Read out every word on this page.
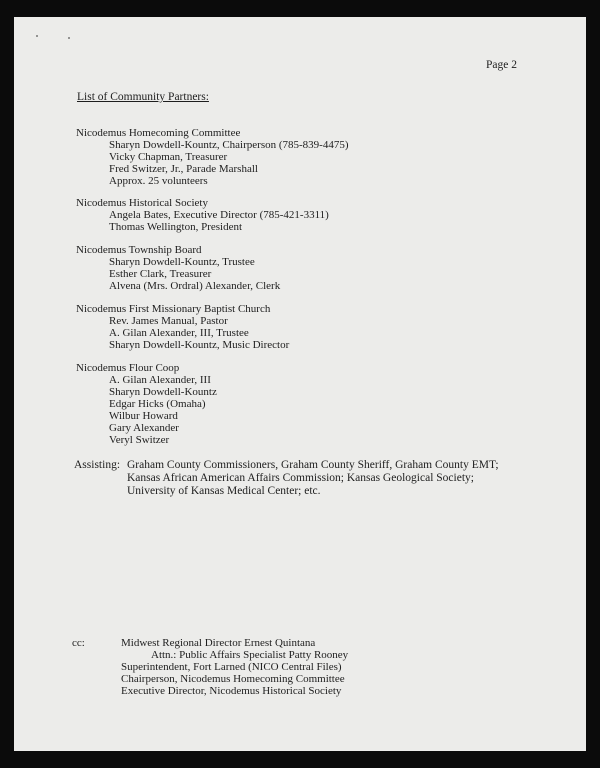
Page 2
List of Community Partners:
Nicodemus Homecoming Committee
Sharyn Dowdell-Kountz, Chairperson (785-839-4475)
Vicky Chapman, Treasurer
Fred Switzer, Jr., Parade Marshall
Approx. 25 volunteers
Nicodemus Historical Society
Angela Bates, Executive Director (785-421-3311)
Thomas Wellington, President
Nicodemus Township Board
Sharyn Dowdell-Kountz, Trustee
Esther Clark, Treasurer
Alvena (Mrs. Ordral) Alexander, Clerk
Nicodemus First Missionary Baptist Church
Rev. James Manual, Pastor
A. Gilan Alexander, III, Trustee
Sharyn Dowdell-Kountz, Music Director
Nicodemus Flour Coop
A. Gilan Alexander, III
Sharyn Dowdell-Kountz
Edgar Hicks (Omaha)
Wilbur Howard
Gary Alexander
Veryl Switzer
Assisting: Graham County Commissioners, Graham County Sheriff, Graham County EMT;
Kansas African American Affairs Commission; Kansas Geological Society;
University of Kansas Medical Center; etc.
cc:	Midwest Regional Director Ernest Quintana
Attn.: Public Affairs Specialist Patty Rooney
Superintendent, Fort Larned (NICO Central Files)
Chairperson, Nicodemus Homecoming Committee
Executive Director, Nicodemus Historical Society
